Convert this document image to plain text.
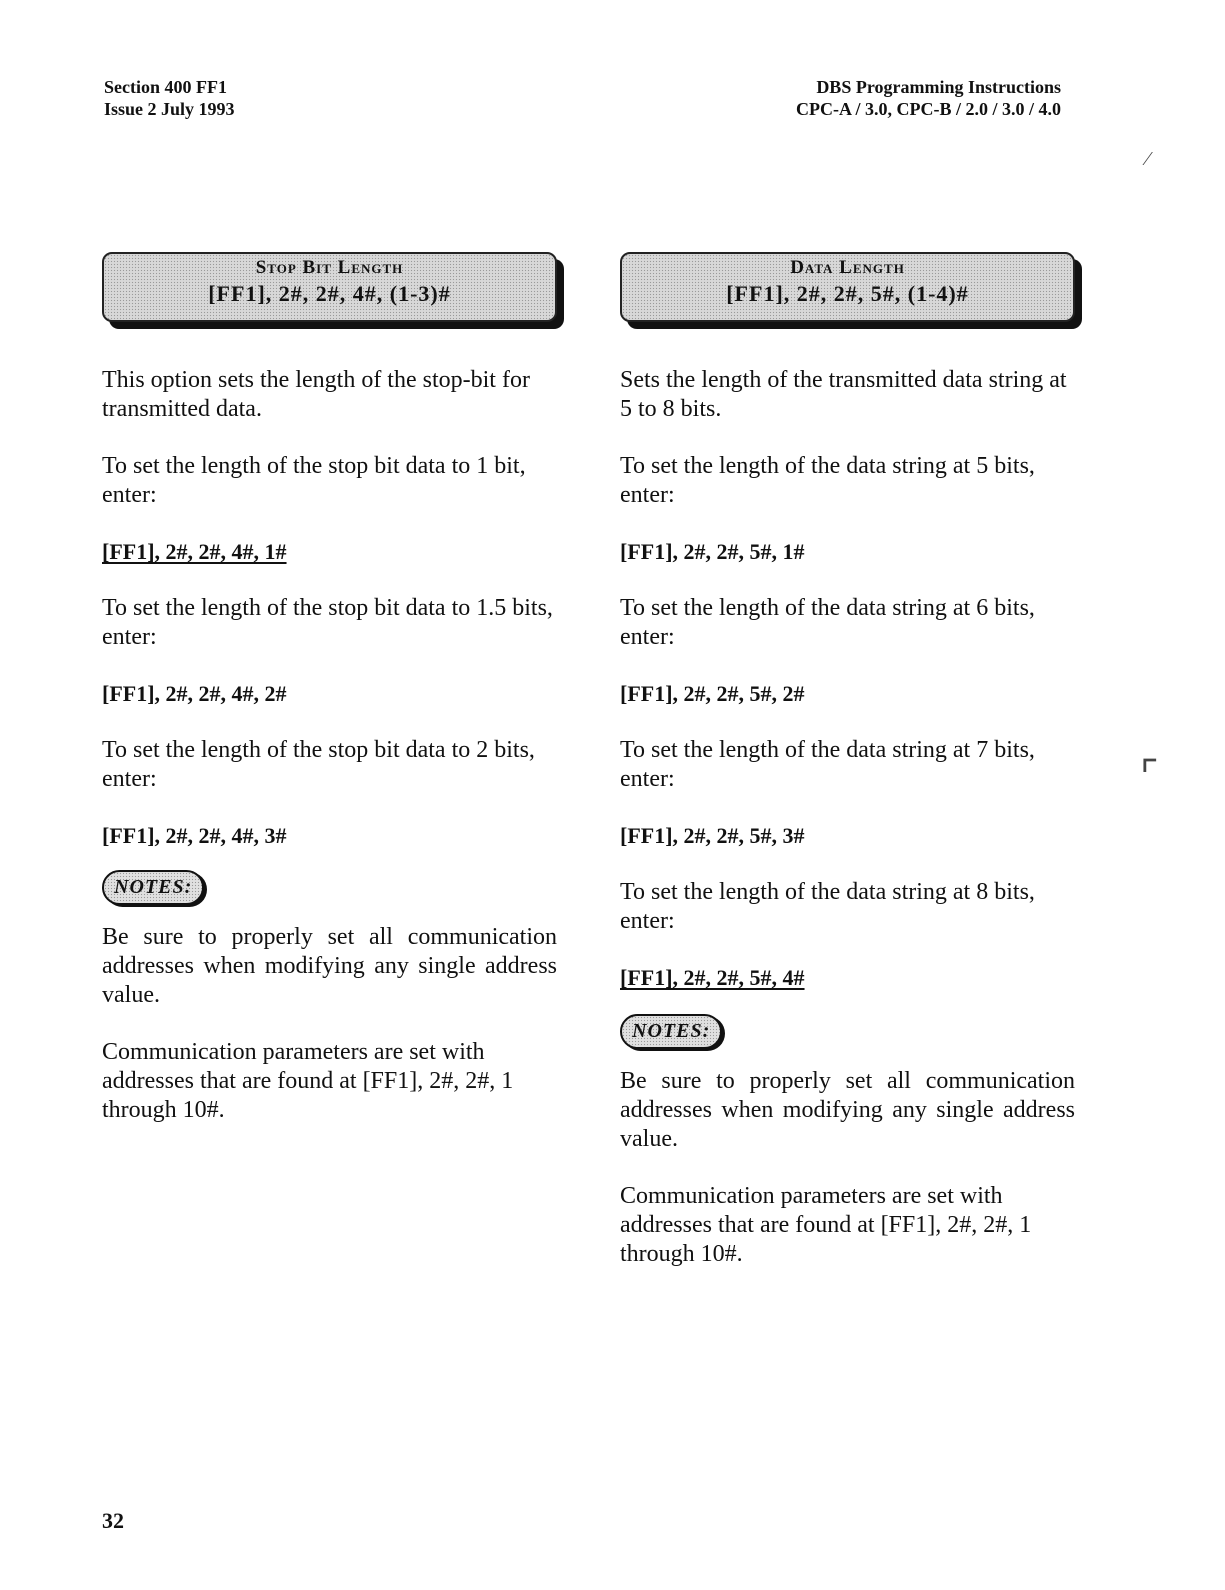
Section 400 FF1
Issue 2 July 1993
DBS Programming Instructions
CPC-A / 3.0, CPC-B / 2.0 / 3.0 / 4.0
⁄
⌜
Stop Bit Length
[FF1], 2#, 2#, 4#, (1-3)#

This option sets the length of the stop-bit for transmitted data.

To set the length of the stop bit data to 1 bit, enter:

[FF1], 2#, 2#, 4#, 1#

To set the length of the stop bit data to 1.5 bits, enter:

[FF1], 2#, 2#, 4#, 2#

To set the length of the stop bit data to 2 bits, enter:

[FF1], 2#, 2#, 4#, 3#

NOTES:

Be sure to properly set all communication addresses when modifying any single address value.

Communication parameters are set with addresses that are found at [FF1], 2#, 2#, 1 through 10#.

Data Length
[FF1], 2#, 2#, 5#, (1-4)#

Sets the length of the transmitted data string at 5 to 8 bits.

To set the length of the data string at 5 bits, enter:

[FF1], 2#, 2#, 5#, 1#

To set the length of the data string at 6 bits, enter:

[FF1], 2#, 2#, 5#, 2#

To set the length of the data string at 7 bits, enter:

[FF1], 2#, 2#, 5#, 3#

To set the length of the data string at 8 bits, enter:

[FF1], 2#, 2#, 5#, 4#

NOTES:

Be sure to properly set all communication addresses when modifying any single address value.

Communication parameters are set with addresses that are found at [FF1], 2#, 2#, 1 through 10#.

32
